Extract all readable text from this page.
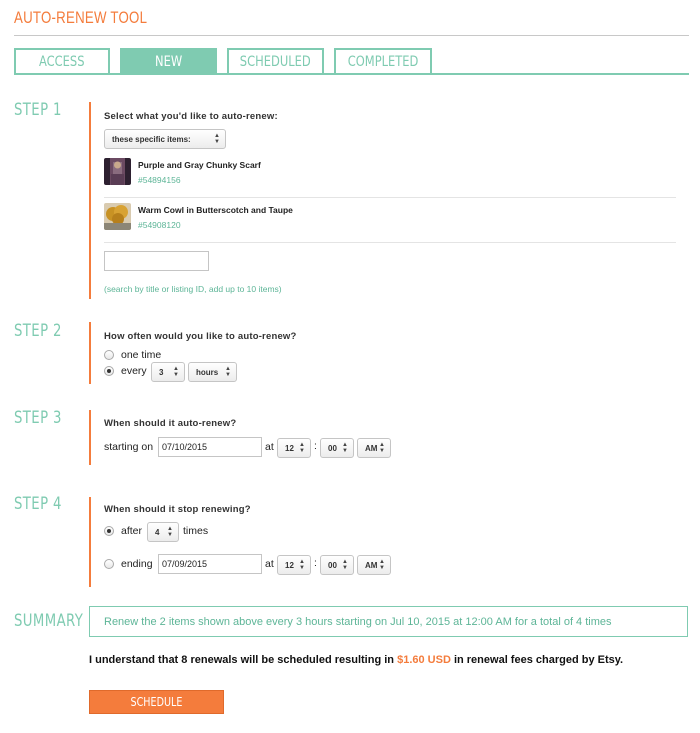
AUTO-RENEW TOOL
ACCESS	NEW	SCHEDULED	COMPLETED
STEP 1	Select what you'd like to auto-renew:
these specific items:	▲
▼
Purple and Gray Chunky Scarf
#54894156
Warm Cowl in Butterscotch and Taupe
#54908120
(search by title or listing ID, add up to 10 items)
STEP 2	How often would you like to auto-renew?
one time
every 3 ▲
▼ hours ▲
▼
STEP 3	When should it auto-renew?
starting on 07/10/2015	at 12 ▲
▼ : 00 ▲
▼ AM ▲
▼
STEP 4	When should it stop renewing?
after 4 ▲
▼ times
ending	07/09/2015	at 12 ▲
▼ : 00 ▲
▼ AM ▲
▼
SUMMARY Renew the 2 items shown above every 3 hours starting on Jul 10, 2015 at 12:00 AM for a total of 4 times
I understand that 8 renewals will be scheduled resulting in $1.60 USD in renewal fees charged by Etsy.
SCHEDULE
